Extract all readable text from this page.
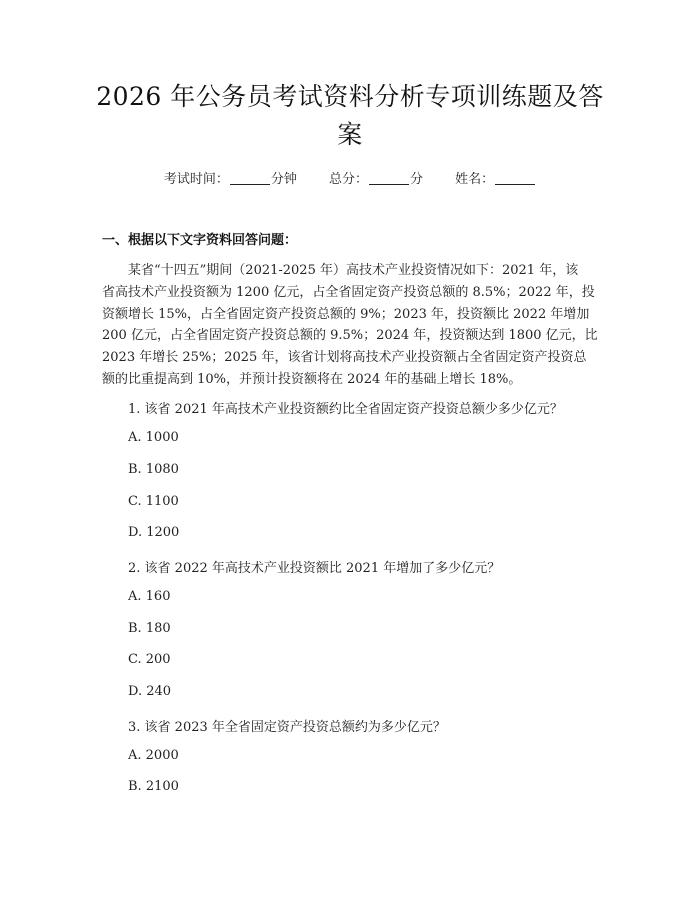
2026 年公务员考试资料分析专项训练题及答
案
考试时间：	分钟 总分：	分 姓名：
一、根据以下文字资料回答问题：
某省“十四五”期间（2021-2025 年）高技术产业投资情况如下：2021 年，该
省高技术产业投资额为 1200 亿元，占全省固定资产投资总额的 8.5%；2022 年，投
资额增长 15%，占全省固定资产投资总额的 9%；2023 年，投资额比 2022 年增加
200 亿元，占全省固定资产投资总额的 9.5%；2024 年，投资额达到 1800 亿元，比
2023 年增长 25%；2025 年，该省计划将高技术产业投资额占全省固定资产投资总
额的比重提高到 10%，并预计投资额将在 2024 年的基础上增长 18%。
1. 该省 2021 年高技术产业投资额约比全省固定资产投资总额少多少亿元？
A. 1000
B. 1080
C. 1100
D. 1200
2. 该省 2022 年高技术产业投资额比 2021 年增加了多少亿元？
A. 160
B. 180
C. 200
D. 240
3. 该省 2023 年全省固定资产投资总额约为多少亿元？
A. 2000
B. 2100
